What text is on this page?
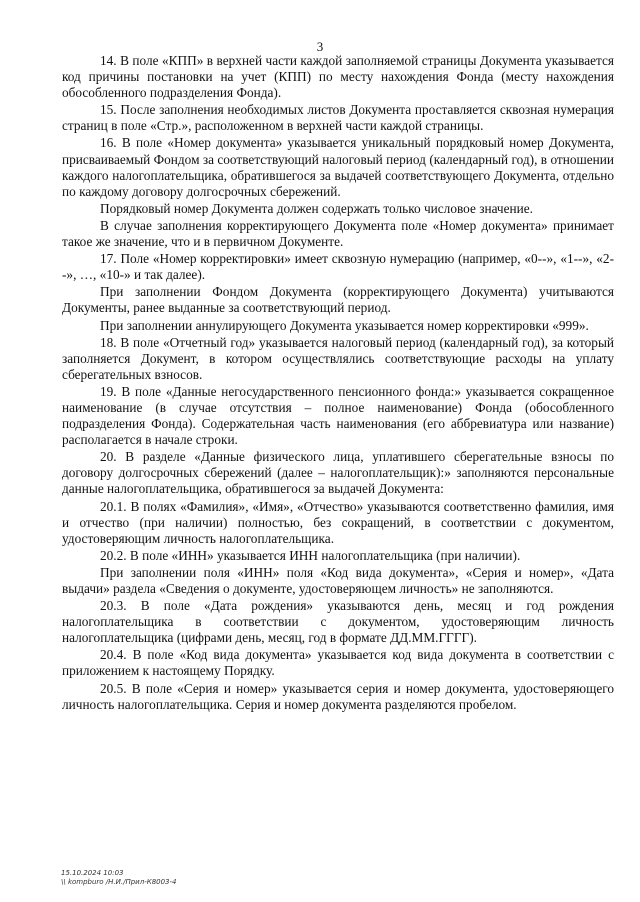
3

14. В поле «КПП» в верхней части каждой заполняемой страницы Документа указывается код причины постановки на учет (КПП) по месту нахождения Фонда (месту нахождения обособленного подразделения Фонда).

15. После заполнения необходимых листов Документа проставляется сквозная нумерация страниц в поле «Стр.», расположенном в верхней части каждой страницы.

16. В поле «Номер документа» указывается уникальный порядковый номер Документа, присваиваемый Фондом за соответствующий налоговый период (календарный год), в отношении каждого налогоплательщика, обратившегося за выдачей соответствующего Документа, отдельно по каждому договору долгосрочных сбережений.

Порядковый номер Документа должен содержать только числовое значение.

В случае заполнения корректирующего Документа поле «Номер документа» принимает такое же значение, что и в первичном Документе.

17. Поле «Номер корректировки» имеет сквозную нумерацию (например, «0--», «1--», «2--», …, «10-» и так далее).

При заполнении Фондом Документа (корректирующего Документа) учитываются Документы, ранее выданные за соответствующий период.

При заполнении аннулирующего Документа указывается номер корректировки «999».

18. В поле «Отчетный год» указывается налоговый период (календарный год), за который заполняется Документ, в котором осуществлялись соответствующие расходы на уплату сберегательных взносов.

19. В поле «Данные негосударственного пенсионного фонда:» указывается сокращенное наименование (в случае отсутствия – полное наименование) Фонда (обособленного подразделения Фонда). Содержательная часть наименования (его аббревиатура или название) располагается в начале строки.

20. В разделе «Данные физического лица, уплатившего сберегательные взносы по договору долгосрочных сбережений (далее – налогоплательщик):» заполняются персональные данные налогоплательщика, обратившегося за выдачей Документа:

20.1. В полях «Фамилия», «Имя», «Отчество» указываются соответственно фамилия, имя и отчество (при наличии) полностью, без сокращений, в соответствии с документом, удостоверяющим личность налогоплательщика.

20.2. В поле «ИНН» указывается ИНН налогоплательщика (при наличии).

При заполнении поля «ИНН» поля «Код вида документа», «Серия и номер», «Дата выдачи» раздела «Сведения о документе, удостоверяющем личность» не заполняются.

20.3. В поле «Дата рождения» указываются день, месяц и год рождения налогоплательщика в соответствии с документом, удостоверяющим личность налогоплательщика (цифрами день, месяц, год в формате ДД.ММ.ГГГГ).

20.4. В поле «Код вида документа» указывается код вида документа в соответствии с приложением к настоящему Порядку.

20.5. В поле «Серия и номер» указывается серия и номер документа, удостоверяющего личность налогоплательщика. Серия и номер документа разделяются пробелом.

15.10.2024 10:03
\\ kompburo /Н.И./Прил-К8003-4
